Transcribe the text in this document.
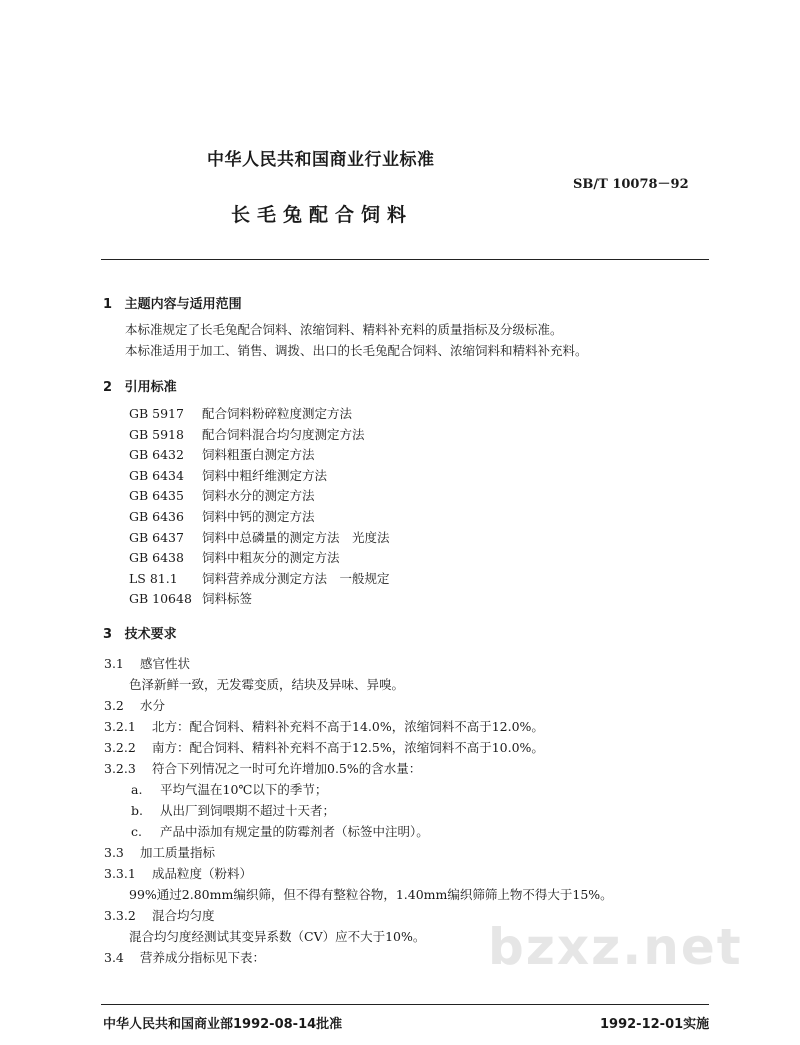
中华人民共和国商业行业标准
SB/T 10078－92
长毛兔配合饲料
1 主题内容与适用范围
本标准规定了长毛兔配合饲料、浓缩饲料、精料补充料的质量指标及分级标准。
本标准适用于加工、销售、调拨、出口的长毛兔配合饲料、浓缩饲料和精料补充料。
2 引用标准
GB 5917 配合饲料粉碎粒度测定方法
GB 5918 配合饲料混合均匀度测定方法
GB 6432 饲料粗蛋白测定方法
GB 6434 饲料中粗纤维测定方法
GB 6435 饲料水分的测定方法
GB 6436 饲料中钙的测定方法
GB 6437 饲料中总磷量的测定方法　光度法
GB 6438 饲料中粗灰分的测定方法
LS 81.1 饲料营养成分测定方法　一般规定
GB 10648 饲料标签
3 技术要求
3.1 感官性状
色泽新鲜一致，无发霉变质，结块及异味、异嗅。
3.2 水分
3.2.1 北方：配合饲料、精料补充料不高于14.0%，浓缩饲料不高于12.0%。
3.2.2 南方：配合饲料、精料补充料不高于12.5%，浓缩饲料不高于10.0%。
3.2.3 符合下列情况之一时可允许增加0.5%的含水量：
a. 平均气温在10℃以下的季节；
b. 从出厂到饲喂期不超过十天者；
c. 产品中添加有规定量的防霉剂者（标签中注明）。
3.3 加工质量指标
3.3.1 成品粒度（粉料）
99%通过2.80mm编织筛，但不得有整粒谷物，1.40mm编织筛筛上物不得大于15%。
3.3.2 混合均匀度
混合均匀度经测试其变异系数（CV）应不大于10%。
3.4 营养成分指标见下表：	bzxz.net
中华人民共和国商业部1992-08-14批准	1992-12-01实施
